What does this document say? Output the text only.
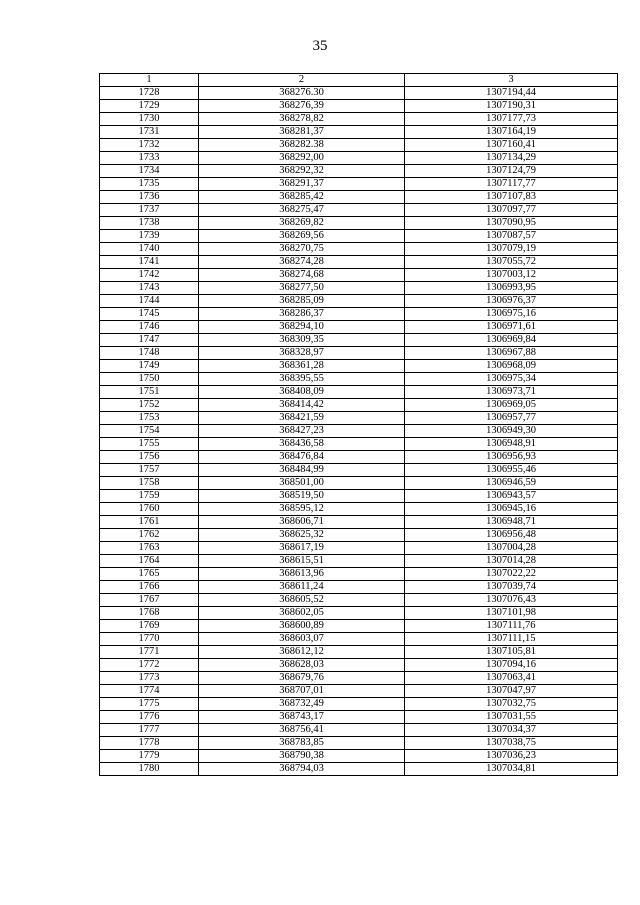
35
1	2	3
1728	368276.30	1307194,44
1729	368276,39	1307190,31
1730	368278,82	1307177,73
1731	368281,37	1307164,19
1732	368282.38	1307160,41
1733	368292,00	1307134,29
1734	368292,32	1307124,79
1735	368291,37	1307117,77
1736	368285,42	1307107,83
1737	368275,47	1307097,77
1738	368269,82	1307090,95
1739	368269,56	1307087,57
1740	368270,75	1307079,19
1741	368274,28	1307055,72
1742	368274,68	1307003,12
1743	368277,50	1306993,95
1744	368285,09	1306976,37
1745	368286,37	1306975,16
1746	368294,10	1306971,61
1747	368309,35	1306969,84
1748	368328,97	1306967,88
1749	368361,28	1306968,09
1750	368395,55	1306975,34
1751	368408,09	1306973,71
1752	368414,42	1306969,05
1753	368421,59	1306957,77
1754	368427,23	1306949,30
1755	368436,58	1306948,91
1756	368476,84	1306956,93
1757	368484,99	1306955,46
1758	368501,00	1306946,59
1759	368519,50	1306943,57
1760	368595,12	1306945,16
1761	368606,71	1306948,71
1762	368625,32	1306956,48
1763	368617,19	1307004,28
1764	368615,51	1307014,28
1765	368613,96	1307022,22
1766	368611,24	1307039,74
1767	368605,52	1307076,43
1768	368602,05	1307101,98
1769	368600,89	1307111,76
1770	368603,07	1307111,15
1771	368612,12	1307105,81
1772	368628,03	1307094,16
1773	368679,76	1307063,41
1774	368707,01	1307047,97
1775	368732,49	1307032,75
1776	368743,17	1307031,55
1777	368756,41	1307034,37
1778	368783,85	1307038,75
1779	368790,38	1307036,23
1780	368794,03	1307034,81
